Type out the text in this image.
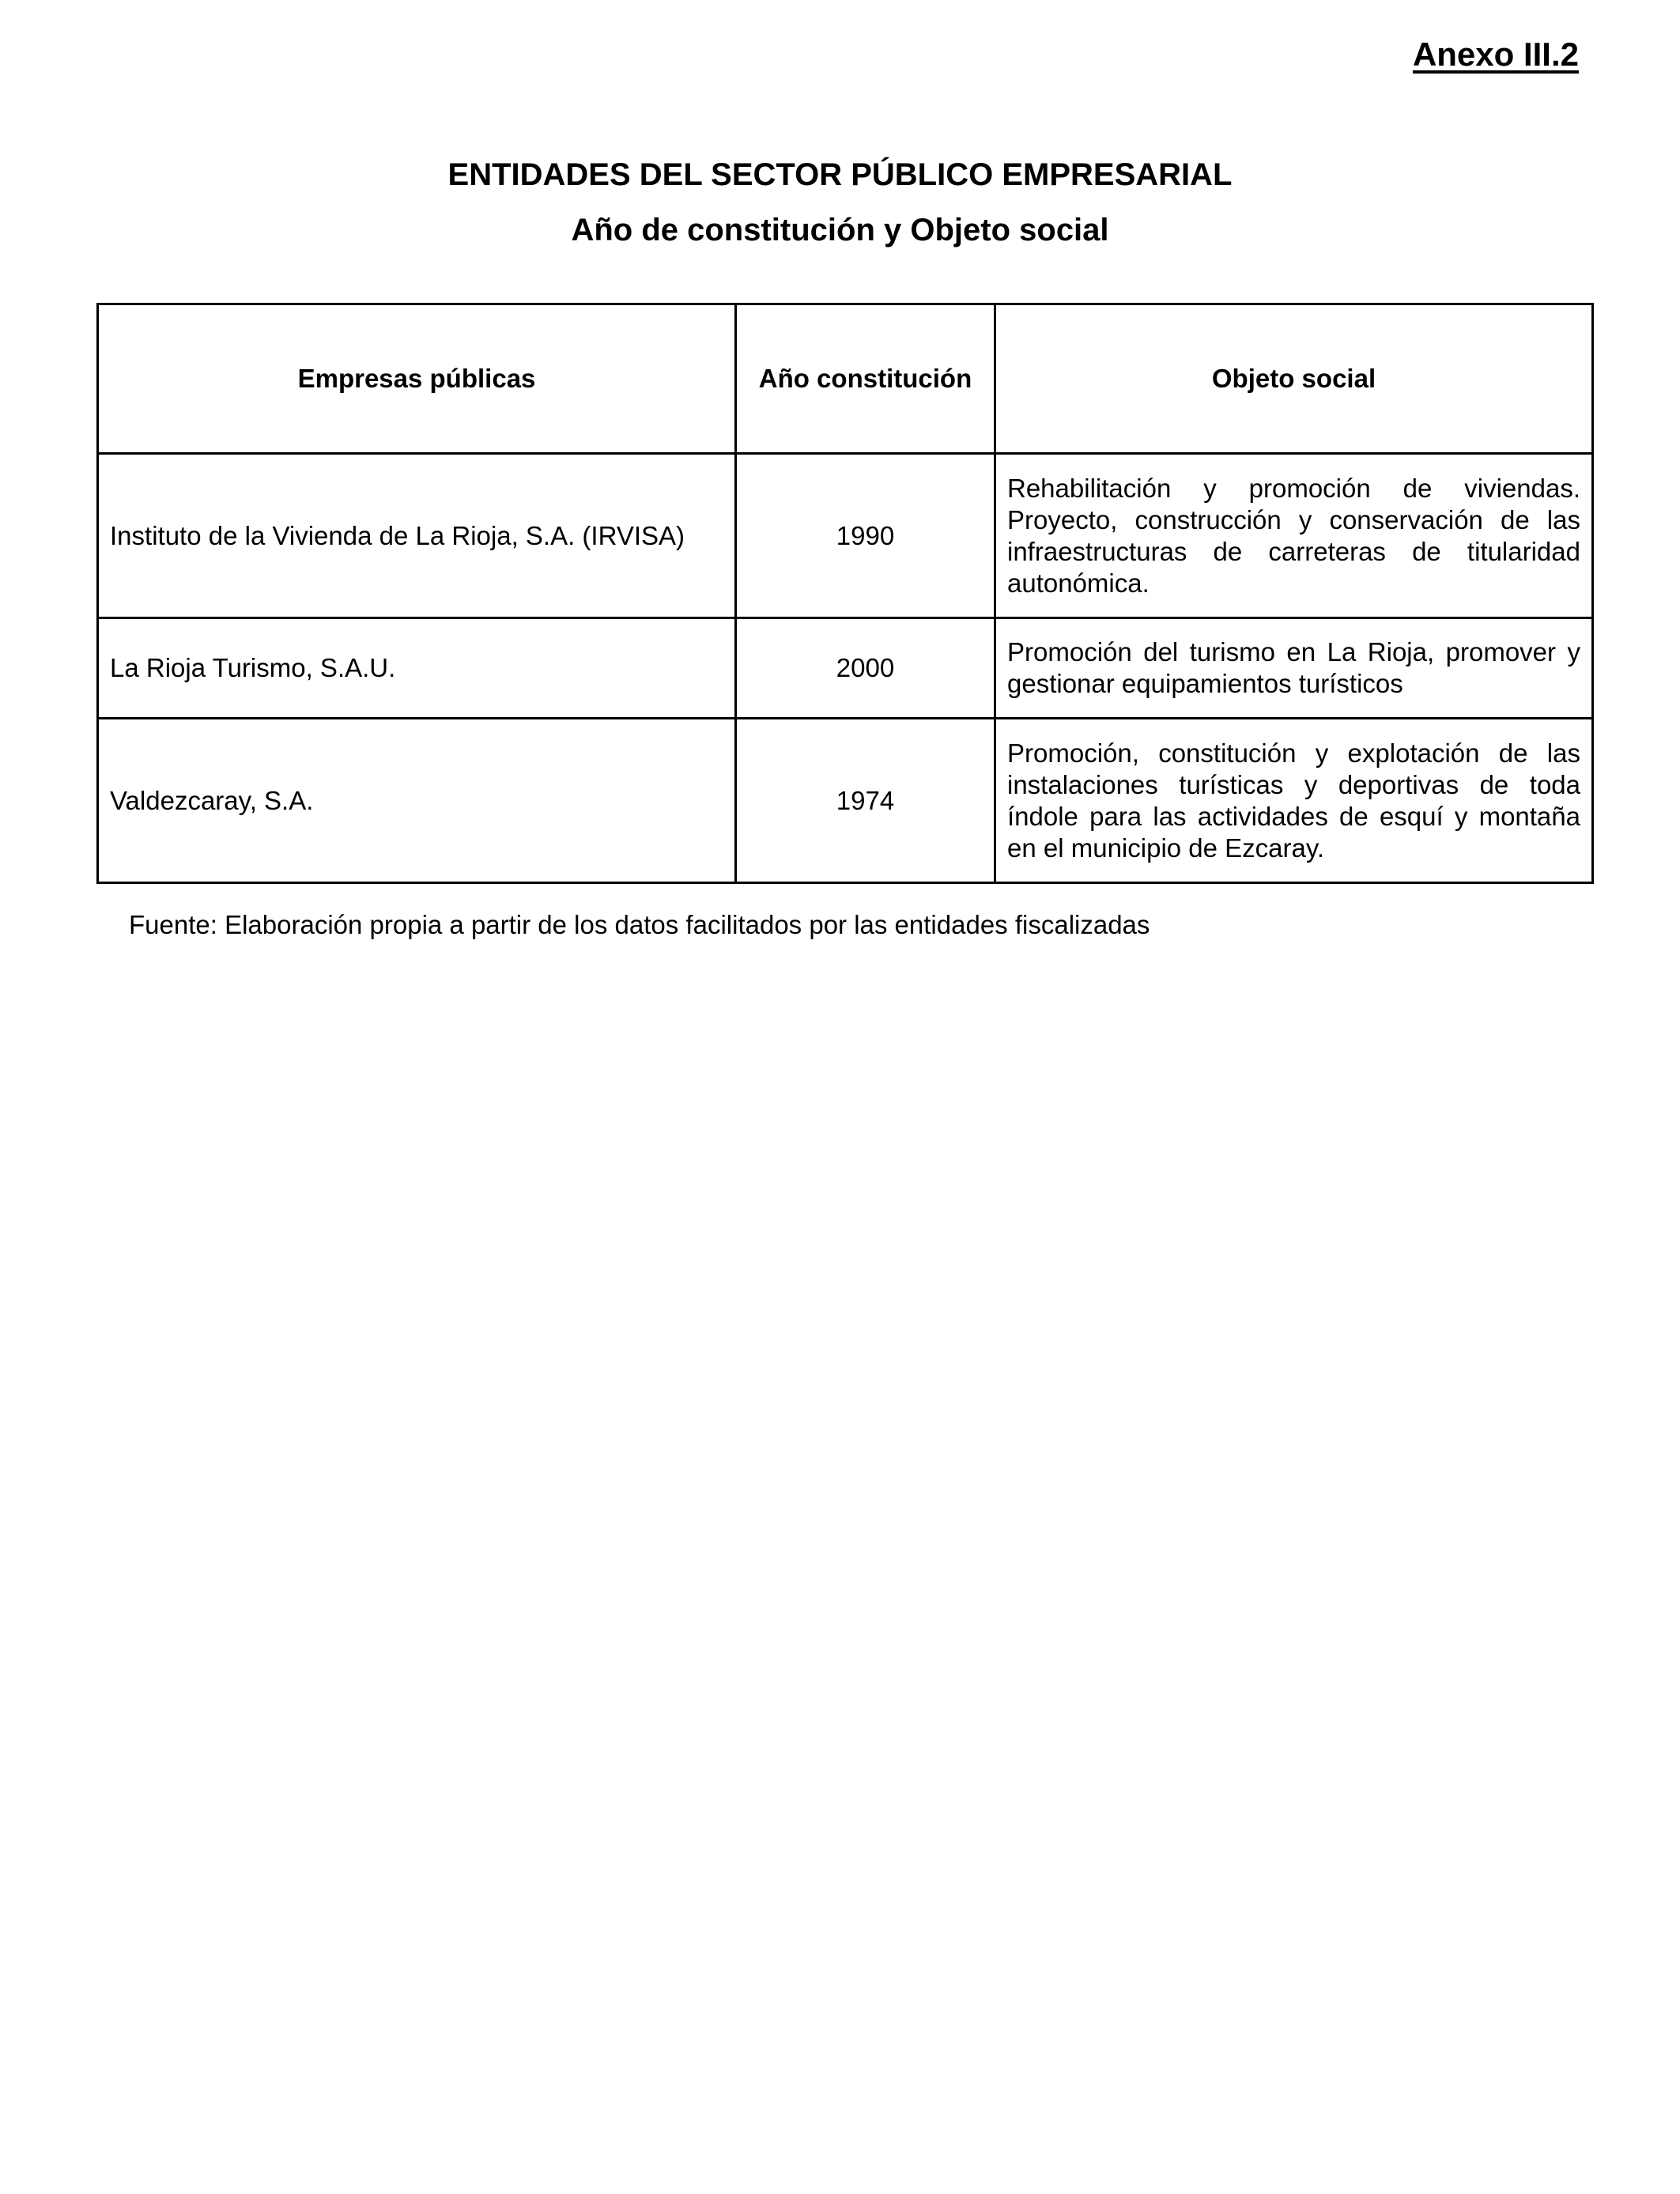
Anexo III.2
ENTIDADES DEL SECTOR PÚBLICO EMPRESARIAL
Año de constitución y Objeto social
Empresas públicas	Año constitución	Objeto social
Instituto de la Vivienda de La Rioja, S.A. (IRVISA)	1990	Rehabilitación y promoción de viviendas. Proyecto, construcción y conservación de las infraestructuras de carreteras de titularidad autonómica.
La Rioja Turismo, S.A.U.	2000	Promoción del turismo en La Rioja, promover y gestionar equipamientos turísticos
Valdezcaray, S.A.	1974	Promoción, constitución y explotación de las instalaciones turísticas y deportivas de toda índole para las actividades de esquí y montaña en el municipio de Ezcaray.
Fuente: Elaboración propia a partir de los datos facilitados por las entidades fiscalizadas
